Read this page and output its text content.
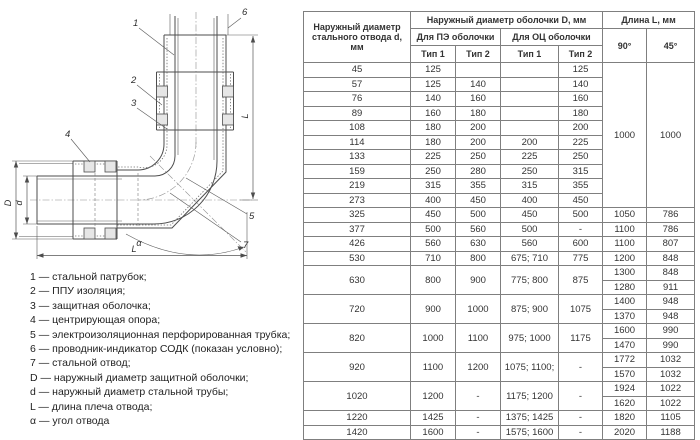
D d
L
L
α
1
2
3
4
5
6
7
1 — стальной патрубок;
2 — ППУ изоляция;
3 — защитная оболочка;
4 — центрирующая опора;
5 — электроизоляционная перфорированная трубка;
6 — проводник-индикатор СОДК (показан условно);
7 — стальной отвод;
D — наружный диаметр защитной оболочки;
d — наружный диаметр стальной трубы;
L — длина плеча отвода;
α — угол отвода
Наружный диаметр стального отвода d, мм	Наружный диаметр оболочки D, мм				Длина L, мм	
	Для ПЭ оболочки		Для ОЦ оболочки		90°	45°
	Тип 1	Тип 2	Тип 1	Тип 2		
45	125			125	1000	1000
57	125	140		140		
76	140	160		160		
89	160	180		180		
108	180	200		200		
114	180	200	200	225		
133	225	250	225	250		
159	250	280	250	315		
219	315	355	315	355		
273	400	450	400	450		
325	450	500	450	500	1050	786
377	500	560	500	-	1100	786
426	560	630	560	600	1100	807
530	710	800	675; 710	775	1200	848
630	800	900	775; 800	875	1300	848
					1280	911
720	900	1000	875; 900	1075	1400	948
					1370	948
820	1000	1100	975; 1000	1175	1600	990
					1470	990
920	1100	1200	1075; 1100;	-	1772	1032
					1570	1032
1020	1200	-	1175; 1200	-	1924	1022
					1620	1022
1220	1425	-	1375; 1425	-	1820	1105
1420	1600	-	1575; 1600	-	2020	1188
